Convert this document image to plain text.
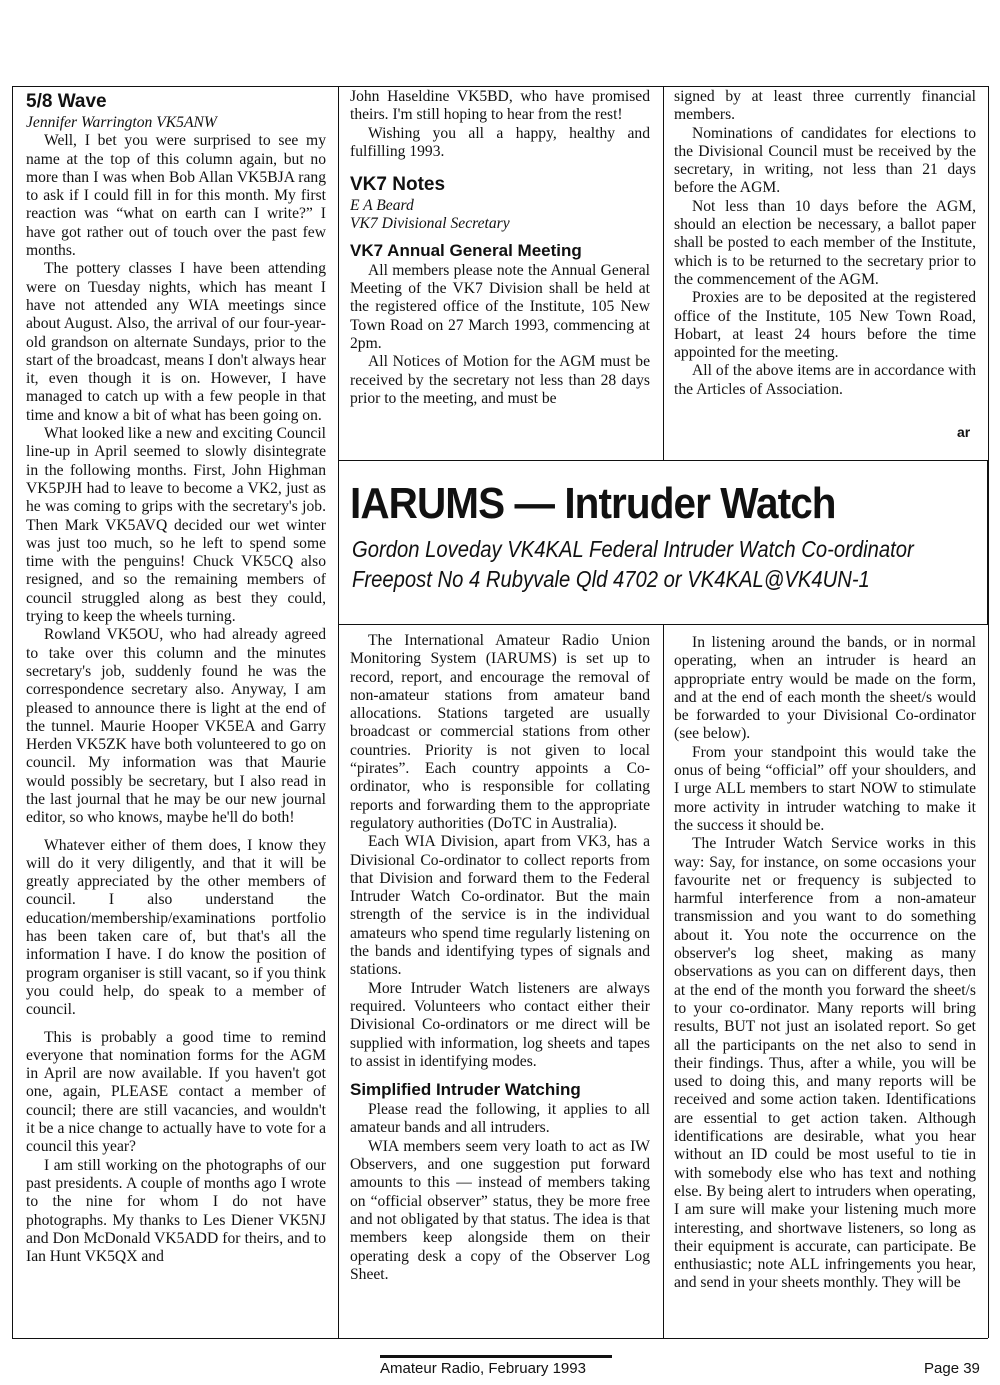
5/8 Wave

Jennifer Warrington VK5ANW

Well, I bet you were surprised to see my name at the top of this column again, but no more than I was when Bob Allan VK5BJA rang to ask if I could fill in for this month. My first reaction was “what on earth can I write?” I have got rather out of touch over the past few months.

The pottery classes I have been attending were on Tuesday nights, which has meant I have not attended any WIA meetings since about August. Also, the arrival of our four-year-old grandson on alternate Sundays, prior to the start of the broadcast, means I don't always hear it, even though it is on. However, I have managed to catch up with a few people in that time and know a bit of what has been going on.

What looked like a new and exciting Council line-up in April seemed to slowly disintegrate in the following months. First, John Highman VK5PJH had to leave to become a VK2, just as he was coming to grips with the secretary's job. Then Mark VK5AVQ decided our wet winter was just too much, so he left to spend some time with the penguins! Chuck VK5CQ also resigned, and so the remaining members of council struggled along as best they could, trying to keep the wheels turning.

Rowland VK5OU, who had already agreed to take over this column and the minutes secretary's job, suddenly found he was the correspondence secretary also. Anyway, I am pleased to announce there is light at the end of the tunnel. Maurie Hooper VK5EA and Garry Herden VK5ZK have both volunteered to go on council. My information was that Maurie would possibly be secretary, but I also read in the last journal that he may be our new journal editor, so who knows, maybe he'll do both!

Whatever either of them does, I know they will do it very diligently, and that it will be greatly appreciated by the other members of council. I also understand the education/membership/examinations portfolio has been taken care of, but that's all the information I have. I do know the position of program organiser is still vacant, so if you think you could help, do speak to a member of council.

This is probably a good time to remind everyone that nomination forms for the AGM in April are now available. If you haven't got one, again, PLEASE contact a member of council; there are still vacancies, and wouldn't it be a nice change to actually have to vote for a council this year?

I am still working on the photographs of our past presidents. A couple of months ago I wrote to the nine for whom I do not have photographs. My thanks to Les Diener VK5NJ and Don McDonald VK5ADD for theirs, and to Ian Hunt VK5QX and

John Haseldine VK5BD, who have promised theirs. I'm still hoping to hear from the rest!

Wishing you all a happy, healthy and fulfilling 1993.

VK7 Notes

E A Beard

VK7 Divisional Secretary

VK7 Annual General Meeting

All members please note the Annual General Meeting of the VK7 Division shall be held at the registered office of the Institute, 105 New Town Road on 27 March 1993, commencing at 2pm.

All Notices of Motion for the AGM must be received by the secretary not less than 28 days prior to the meeting, and must be

signed by at least three currently financial members.

Nominations of candidates for elections to the Divisional Council must be received by the secretary, in writing, not less than 21 days before the AGM.

Not less than 10 days before the AGM, should an election be necessary, a ballot paper shall be posted to each member of the Institute, which is to be returned to the secretary prior to the commencement of the AGM.

Proxies are to be deposited at the registered office of the Institute, 105 New Town Road, Hobart, at least 24 hours before the time appointed for the meeting.

All of the above items are in accordance with the Articles of Association.

ar
IARUMS — Intruder Watch
Gordon Loveday VK4KAL Federal Intruder Watch Co-ordinator
Freepost No 4 Rubyvale Qld 4702 or VK4KAL@VK4UN-1

The International Amateur Radio Union Monitoring System (IARUMS) is set up to record, report, and encourage the removal of non-amateur stations from amateur band allocations. Stations targeted are usually broadcast or commercial stations from other countries. Priority is not given to local “pirates”. Each country appoints a Co-ordinator, who is responsible for collating reports and forwarding them to the appropriate regulatory authorities (DoTC in Australia).

Each WIA Division, apart from VK3, has a Divisional Co-ordinator to collect reports from that Division and forward them to the Federal Intruder Watch Co-ordinator. But the main strength of the service is in the individual amateurs who spend time regularly listening on the bands and identifying types of signals and stations.

More Intruder Watch listeners are always required. Volunteers who contact either their Divisional Co-ordinators or me direct will be supplied with information, log sheets and tapes to assist in identifying modes.

Simplified Intruder Watching

Please read the following, it applies to all amateur bands and all intruders.

WIA members seem very loath to act as IW Observers, and one suggestion put forward amounts to this — instead of members taking on “official observer” status, they be more free and not obligated by that status. The idea is that members keep alongside them on their operating desk a copy of the Observer Log Sheet.

In listening around the bands, or in normal operating, when an intruder is heard an appropriate entry would be made on the form, and at the end of each month the sheet/s would be forwarded to your Divisional Co-ordinator (see below).

From your standpoint this would take the onus of being “official” off your shoulders, and I urge ALL members to start NOW to stimulate more activity in intruder watching to make it the success it should be.

The Intruder Watch Service works in this way: Say, for instance, on some occasions your favourite net or frequency is subjected to harmful interference from a non-amateur transmission and you want to do something about it. You note the occurrence on the observer's log sheet, making as many observations as you can on different days, then at the end of the month you forward the sheet/s to your co-ordinator. Many reports will bring results, BUT not just an isolated report. So get all the participants on the net also to send in their findings. Thus, after a while, you will be used to doing this, and many reports will be received and some action taken. Identifications are essential to get action taken. Although identifications are desirable, what you hear without an ID could be most useful to tie in with somebody else who has text and nothing else. By being alert to intruders when operating, I am sure will make your listening much more interesting, and shortwave listeners, so long as their equipment is accurate, can participate. Be enthusiastic; note ALL infringements you hear, and send in your sheets monthly. They will be

Amateur Radio, February 1993	Page 39
